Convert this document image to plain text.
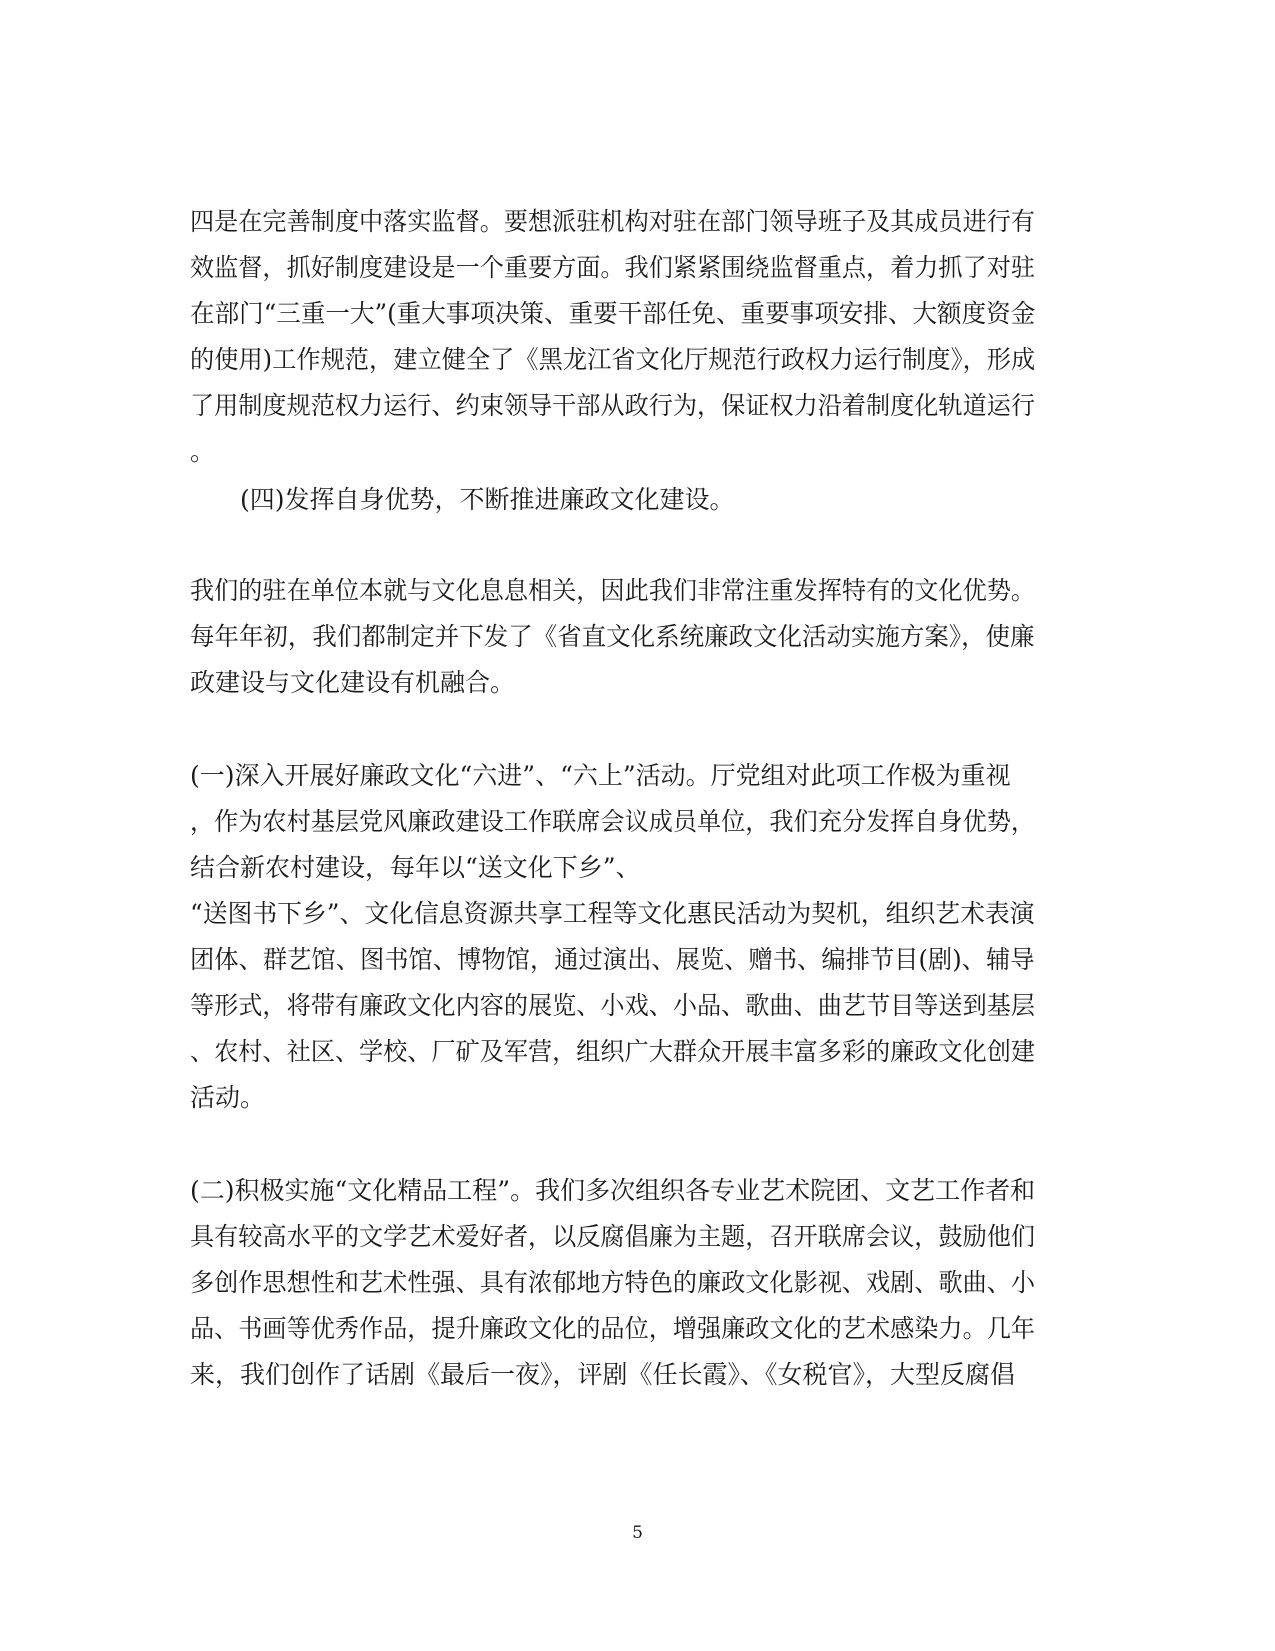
四是在完善制度中落实监督。要想派驻机构对驻在部门领导班子及其成员进行有
效监督，抓好制度建设是一个重要方面。我们紧紧围绕监督重点，着力抓了对驻
在部门“三重一大”(重大事项决策、重要干部任免、重要事项安排、大额度资金
的使用)工作规范，建立健全了《黑龙江省文化厅规范行政权力运行制度》，形成
了用制度规范权力运行、约束领导干部从政行为，保证权力沿着制度化轨道运行
。
(四)发挥自身优势，不断推进廉政文化建设。
我们的驻在单位本就与文化息息相关，因此我们非常注重发挥特有的文化优势。
每年年初，我们都制定并下发了《省直文化系统廉政文化活动实施方案》，使廉
政建设与文化建设有机融合。
(一)深入开展好廉政文化“六进”、“六上”活动。厅党组对此项工作极为重视
，作为农村基层党风廉政建设工作联席会议成员单位，我们充分发挥自身优势，
结合新农村建设，每年以“送文化下乡”、
“送图书下乡”、文化信息资源共享工程等文化惠民活动为契机，组织艺术表演
团体、群艺馆、图书馆、博物馆，通过演出、展览、赠书、编排节目(剧)、辅导
等形式，将带有廉政文化内容的展览、小戏、小品、歌曲、曲艺节目等送到基层
、农村、社区、学校、厂矿及军营，组织广大群众开展丰富多彩的廉政文化创建
活动。
(二)积极实施“文化精品工程”。我们多次组织各专业艺术院团、文艺工作者和
具有较高水平的文学艺术爱好者，以反腐倡廉为主题，召开联席会议，鼓励他们
多创作思想性和艺术性强、具有浓郁地方特色的廉政文化影视、戏剧、歌曲、小
品、书画等优秀作品，提升廉政文化的品位，增强廉政文化的艺术感染力。几年
来，我们创作了话剧《最后一夜》，评剧《任长霞》、《女税官》，大型反腐倡
5
